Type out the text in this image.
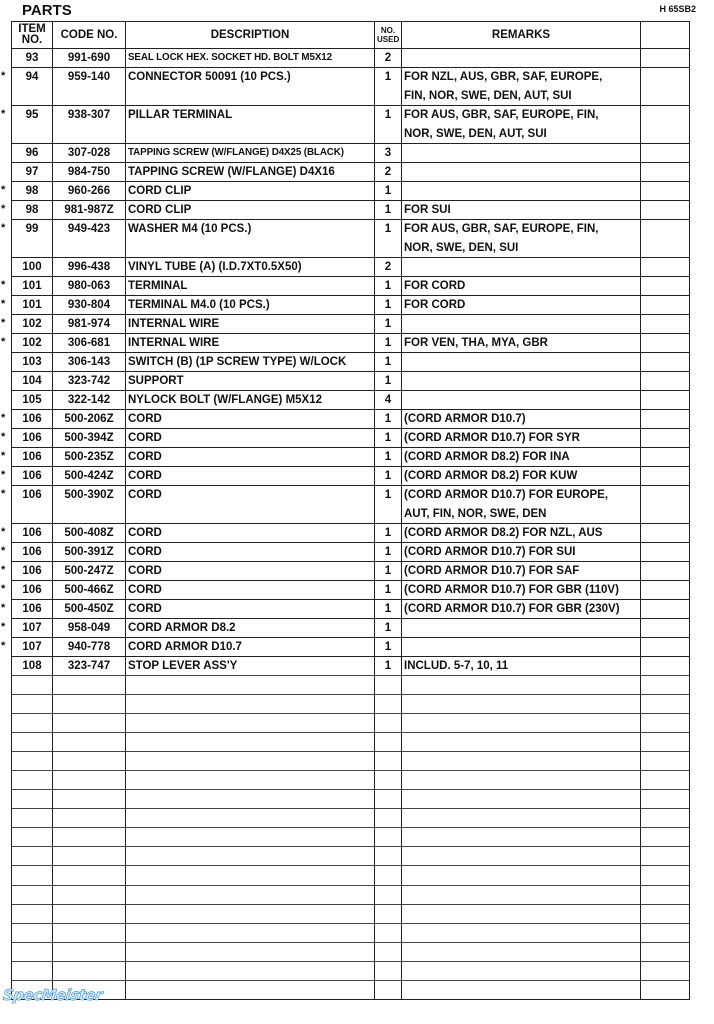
PARTS	H 65SB2
ITEM NO.	CODE NO.	DESCRIPTION	NO. USED	REMARKS	
93	991-690	SEAL LOCK HEX. SOCKET HD. BOLT M5X12	2		
94	959-140	CONNECTOR 50091 (10 PCS.)	1	FOR NZL, AUS, GBR, SAF, EUROPE,	
				FIN, NOR, SWE, DEN, AUT, SUI	
95	938-307	PILLAR TERMINAL	1	FOR AUS, GBR, SAF, EUROPE, FIN,	
				NOR, SWE, DEN, AUT, SUI	
96	307-028	TAPPING SCREW (W/FLANGE) D4X25 (BLACK)	3		
97	984-750	TAPPING SCREW (W/FLANGE) D4X16	2		
98	960-266	CORD CLIP	1		
98	981-987Z	CORD CLIP	1	FOR SUI	
99	949-423	WASHER M4 (10 PCS.)	1	FOR AUS, GBR, SAF, EUROPE, FIN,	
				NOR, SWE, DEN, SUI	
100	996-438	VINYL TUBE (A) (I.D.7XT0.5X50)	2		
101	980-063	TERMINAL	1	FOR CORD	
101	930-804	TERMINAL M4.0 (10 PCS.)	1	FOR CORD	
102	981-974	INTERNAL WIRE	1		
102	306-681	INTERNAL WIRE	1	FOR VEN, THA, MYA, GBR	
103	306-143	SWITCH (B) (1P SCREW TYPE) W/LOCK	1		
104	323-742	SUPPORT	1		
105	322-142	NYLOCK BOLT (W/FLANGE) M5X12	4		
106	500-206Z	CORD	1	(CORD ARMOR D10.7)	
106	500-394Z	CORD	1	(CORD ARMOR D10.7) FOR SYR	
106	500-235Z	CORD	1	(CORD ARMOR D8.2) FOR INA	
106	500-424Z	CORD	1	(CORD ARMOR D8.2) FOR KUW	
106	500-390Z	CORD	1	(CORD ARMOR D10.7) FOR EUROPE,	
				AUT, FIN, NOR, SWE, DEN	
106	500-408Z	CORD	1	(CORD ARMOR D8.2) FOR NZL, AUS	
106	500-391Z	CORD	1	(CORD ARMOR D10.7) FOR SUI	
106	500-247Z	CORD	1	(CORD ARMOR D10.7) FOR SAF	
106	500-466Z	CORD	1	(CORD ARMOR D10.7) FOR GBR (110V)	
106	500-450Z	CORD	1	(CORD ARMOR D10.7) FOR GBR (230V)	
107	958-049	CORD ARMOR D8.2	1		
107	940-778	CORD ARMOR D10.7	1		
108	323-747	STOP LEVER ASS'Y	1	INCLUD. 5-7, 10, 11	

SpecMeister
*
*
*
*
*
*
*
*
*
*
*
*
*
*
*
*
*
*
*
*
*
